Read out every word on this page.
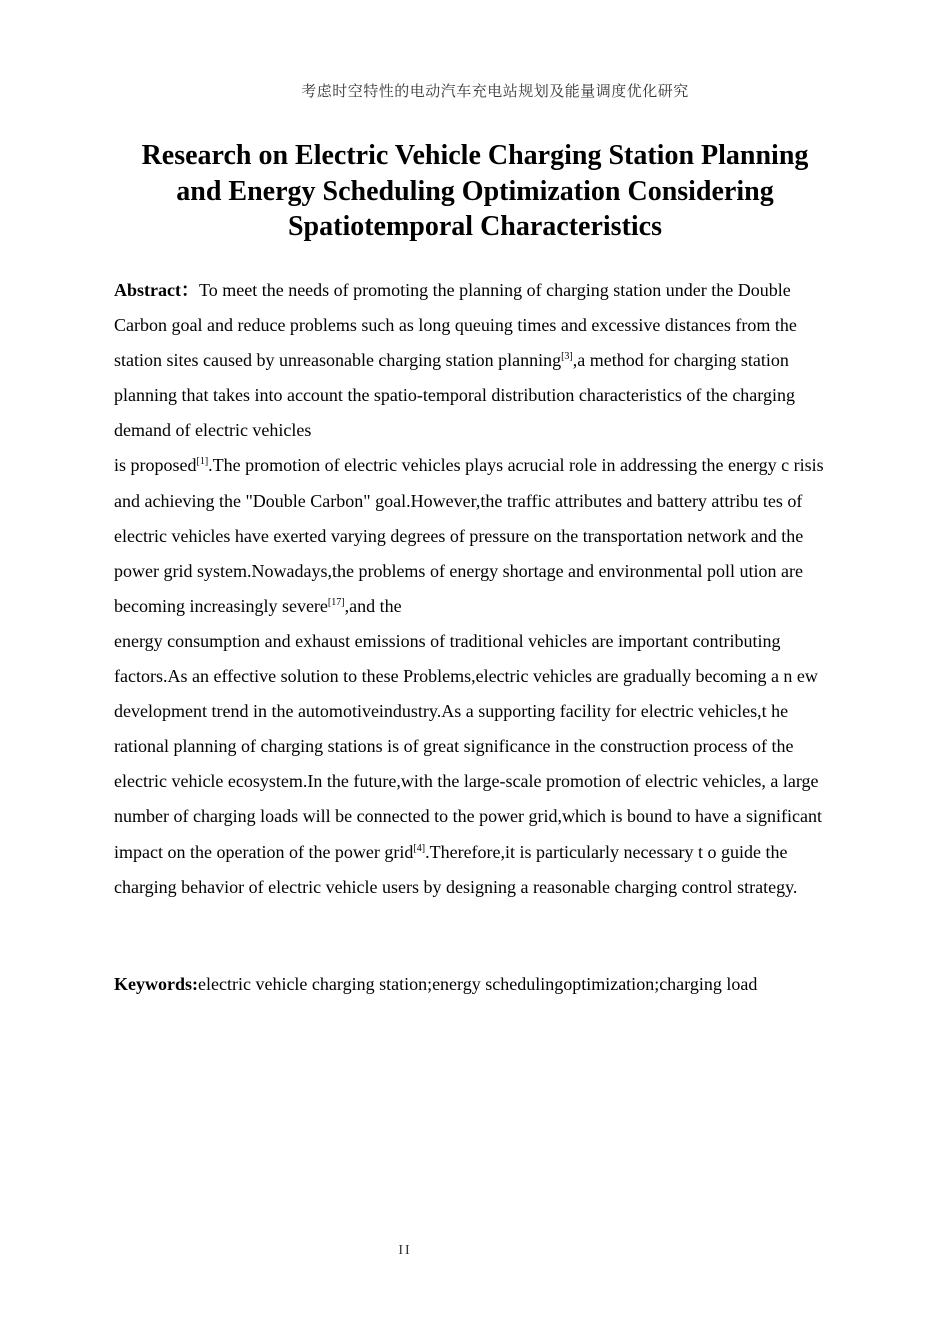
考虑时空特性的电动汽车充电站规划及能量调度优化研究
Research on Electric Vehicle Charging Station Planning
and Energy Scheduling Optimization Considering
Spatiotemporal Characteristics

Abstract：To meet the needs of promoting the planning of charging station under the Double Carbon goal and reduce problems such as long queuing times and excessive distances from the station sites caused by unreasonable charging station planning[3],a method for charging station planning that takes into account the spatio-temporal distribution characteristics of the charging demand of electric vehicles

is proposed[1].The promotion of electric vehicles plays acrucial role in addressing the energy c risis and achieving the "Double Carbon" goal.However,the traffic attributes and battery attribu tes of electric vehicles have exerted varying degrees of pressure on the transportation network and the power grid system.Nowadays,the problems of energy shortage and environmental poll ution are becoming increasingly severe[17],and the

energy consumption and exhaust emissions of traditional vehicles are important contributing factors.As an effective solution to these Problems,electric vehicles are gradually becoming a n ew development trend in the automotiveindustry.As a supporting facility for electric vehicles,t he rational planning of charging stations is of great significance in the construction process of the electric vehicle ecosystem.In the future,with the large-scale promotion of electric vehicles, a large number of charging loads will be connected to the power grid,which is bound to have a significant impact on the operation of the power grid[4].Therefore,it is particularly necessary t o guide the charging behavior of electric vehicle users by designing a reasonable charging control strategy.

Keywords:electric vehicle charging station;energy schedulingoptimization;charging load
II
